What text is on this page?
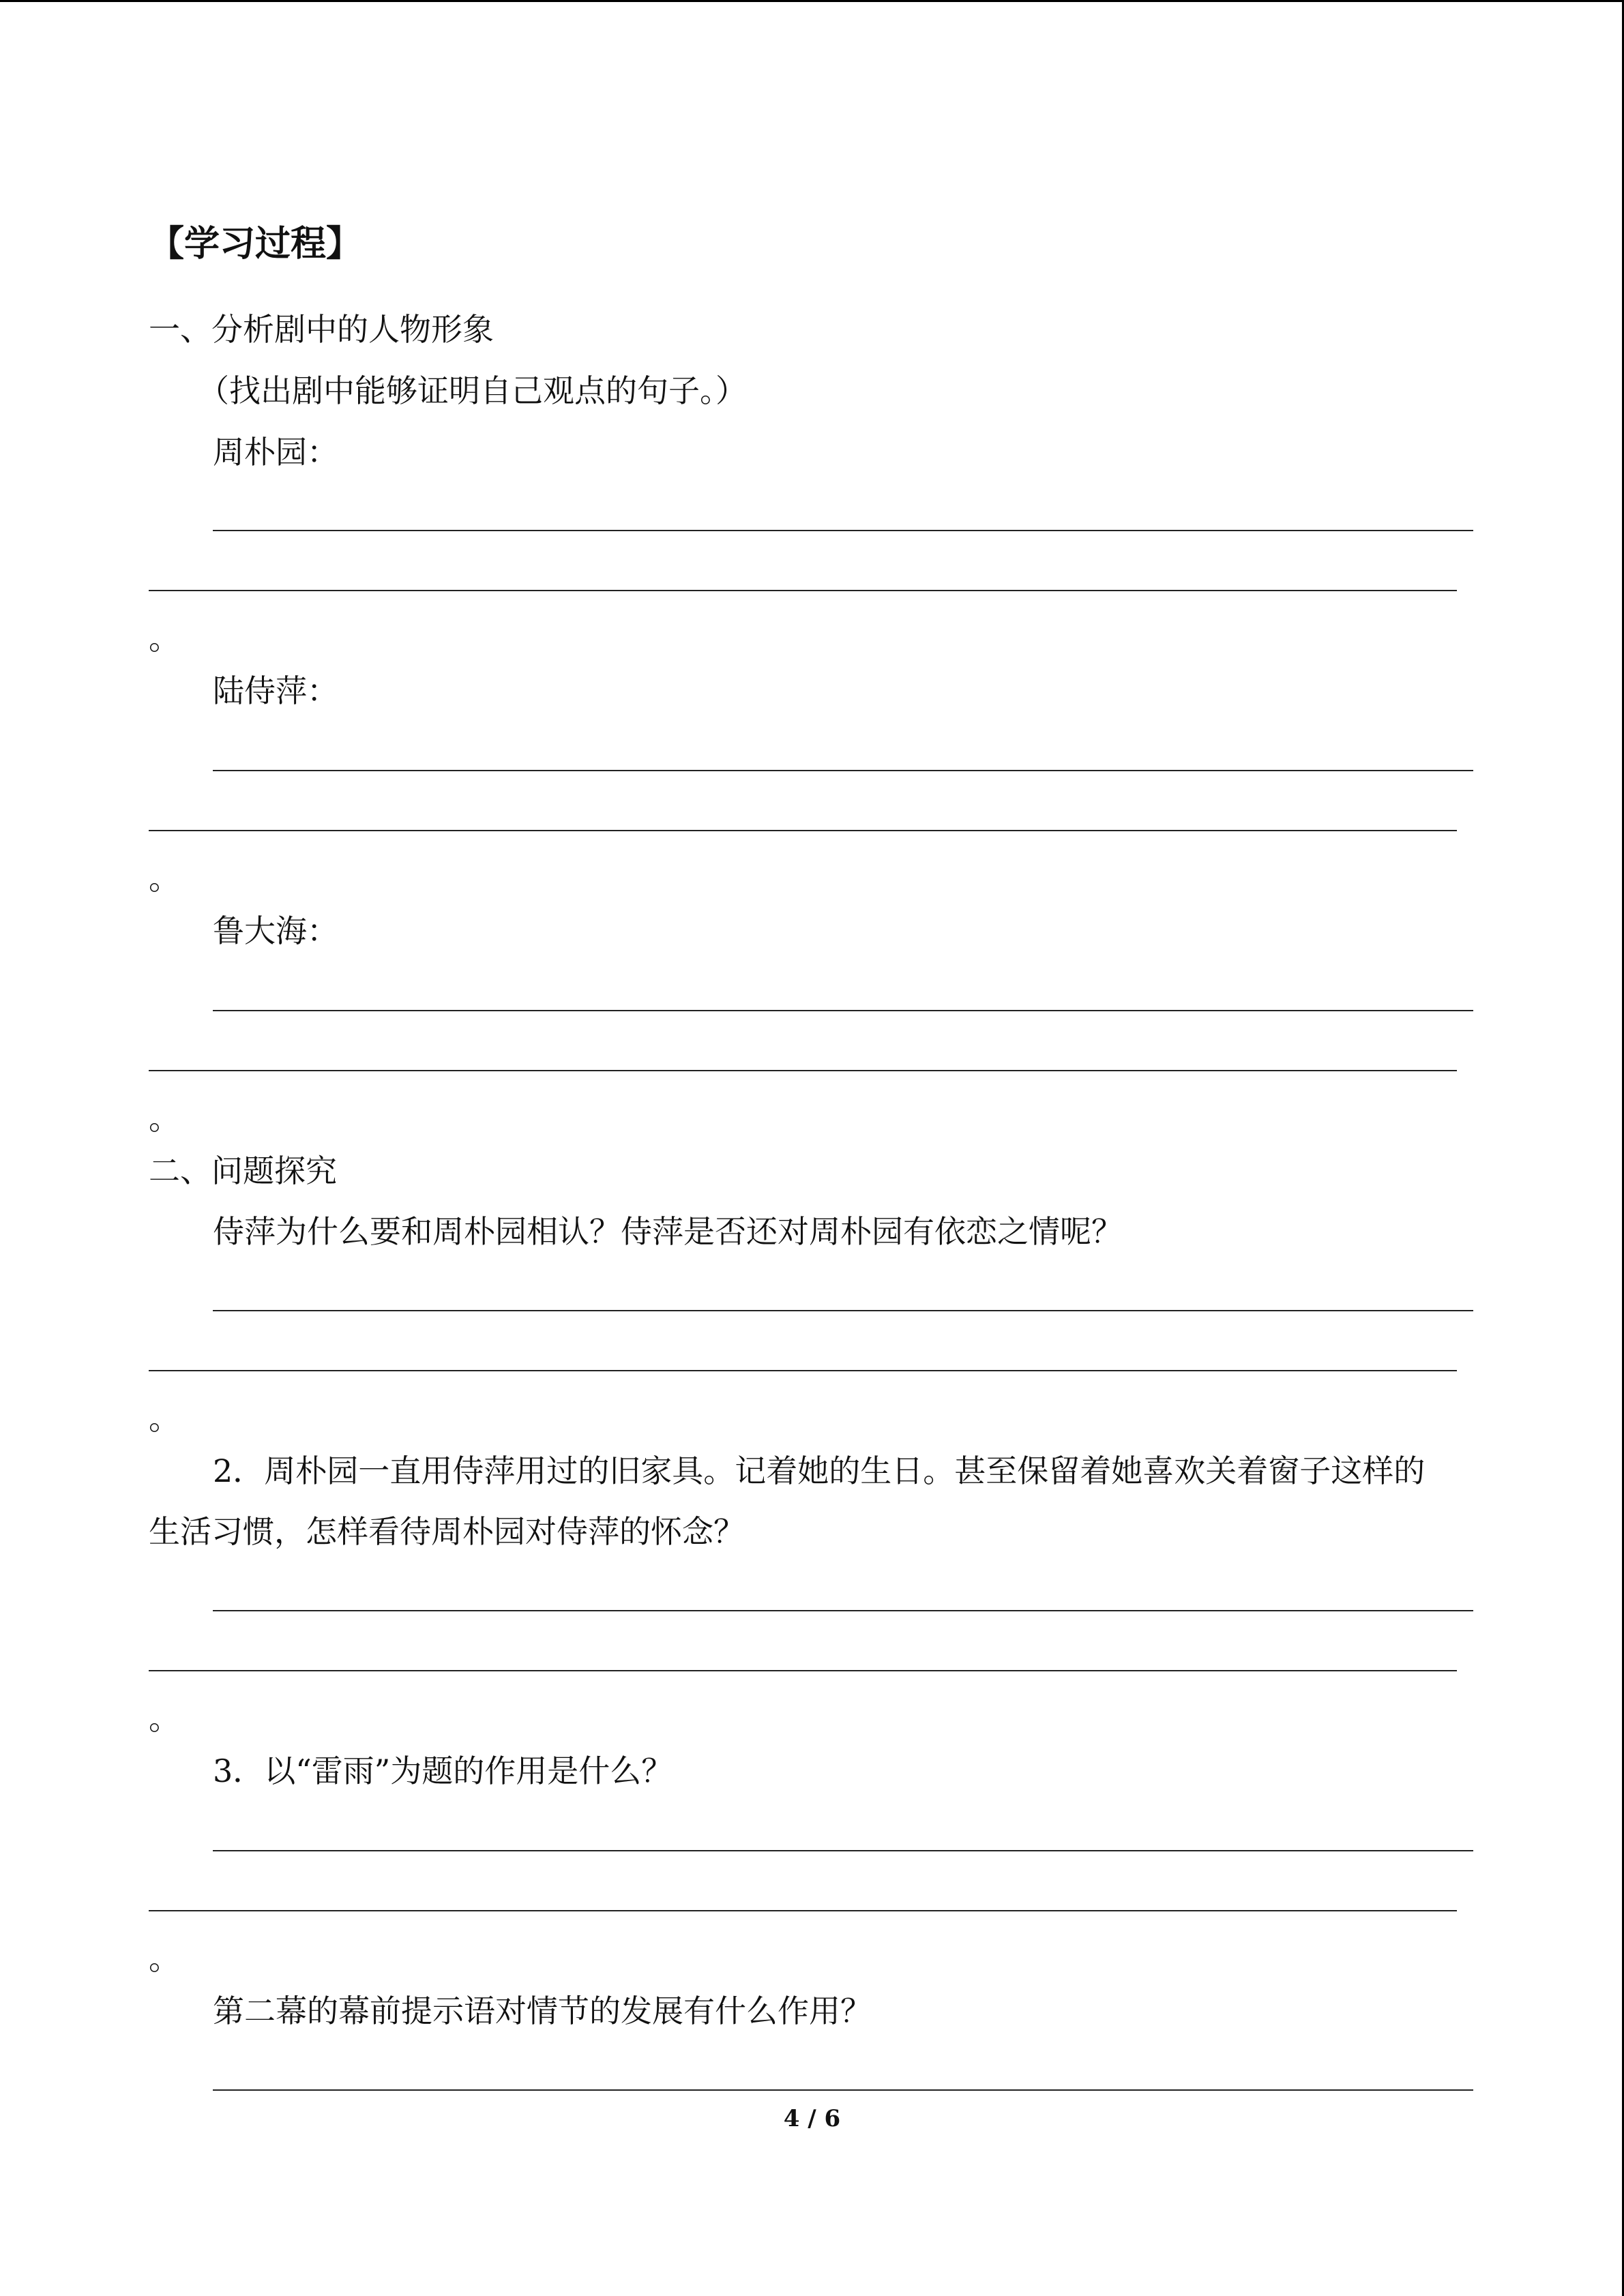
【学习过程】
一、分析剧中的人物形象
（找出剧中能够证明自己观点的句子。）
周朴园：
。
陆侍萍：
。
鲁大海：
。
二、问题探究
侍萍为什么要和周朴园相认？侍萍是否还对周朴园有依恋之情呢？
。
2．周朴园一直用侍萍用过的旧家具。记着她的生日。甚至保留着她喜欢关着窗子这样的
生活习惯，怎样看待周朴园对侍萍的怀念？
。
3．以“雷雨”为题的作用是什么？
。
第二幕的幕前提示语对情节的发展有什么作用？
4 / 6
